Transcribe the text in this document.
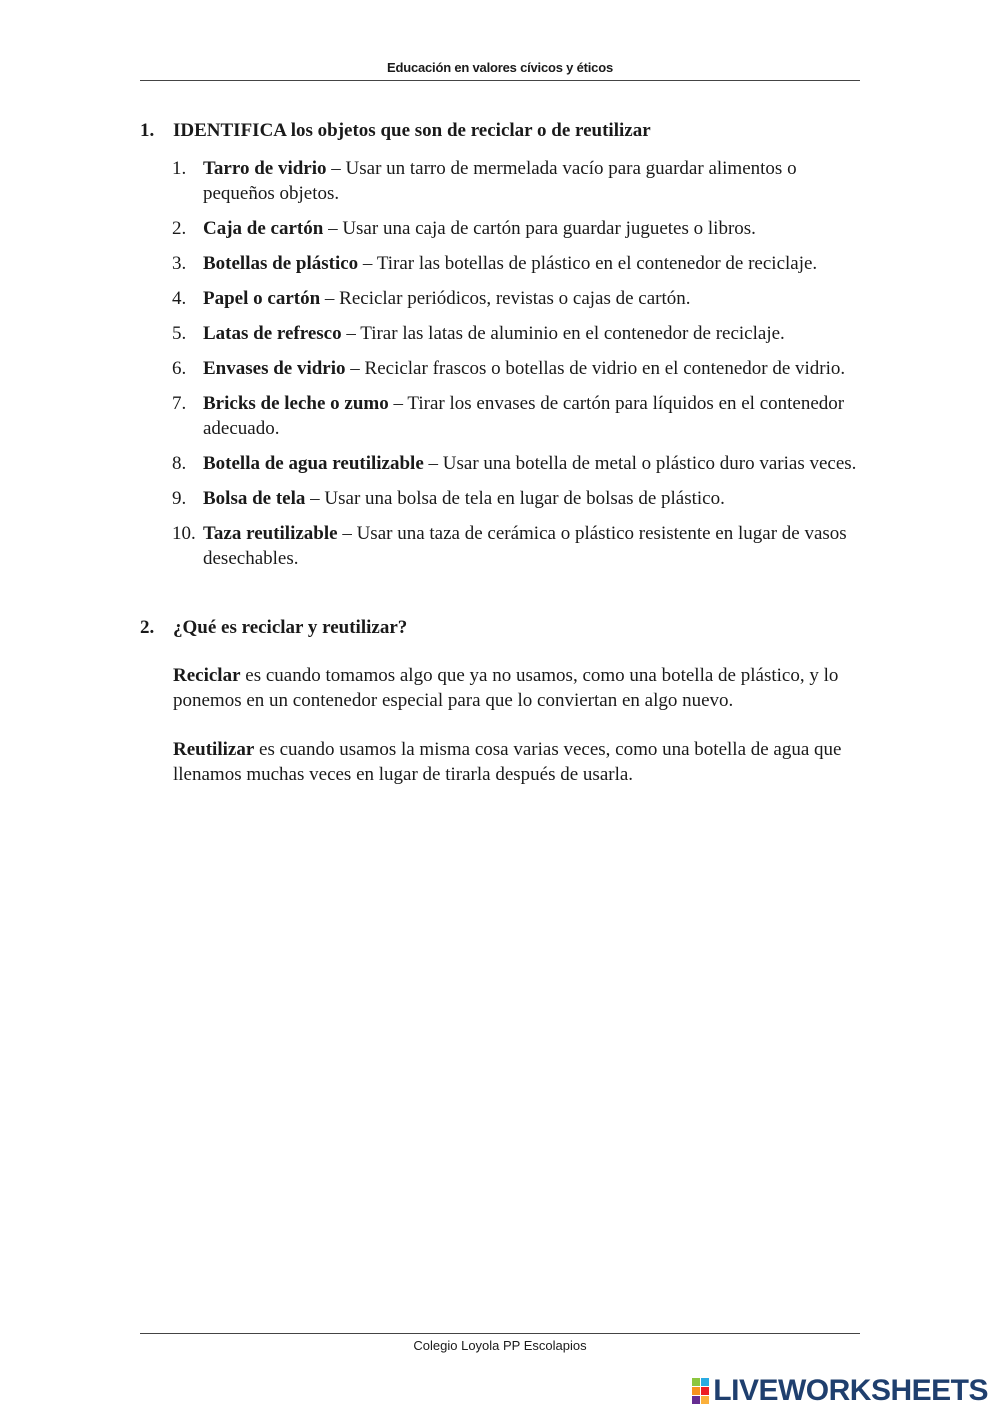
Educación en valores cívicos y éticos
1. IDENTIFICA los objetos que son de reciclar o de reutilizar
1. Tarro de vidrio – Usar un tarro de mermelada vacío para guardar alimentos o pequeños objetos.
2. Caja de cartón – Usar una caja de cartón para guardar juguetes o libros.
3. Botellas de plástico – Tirar las botellas de plástico en el contenedor de reciclaje.
4. Papel o cartón – Reciclar periódicos, revistas o cajas de cartón.
5. Latas de refresco – Tirar las latas de aluminio en el contenedor de reciclaje.
6. Envases de vidrio – Reciclar frascos o botellas de vidrio en el contenedor de vidrio.
7. Bricks de leche o zumo – Tirar los envases de cartón para líquidos en el contenedor adecuado.
8. Botella de agua reutilizable – Usar una botella de metal o plástico duro varias veces.
9. Bolsa de tela – Usar una bolsa de tela en lugar de bolsas de plástico.
10. Taza reutilizable – Usar una taza de cerámica o plástico resistente en lugar de vasos desechables.
2. ¿Qué es reciclar y reutilizar?

Reciclar es cuando tomamos algo que ya no usamos, como una botella de plástico, y lo ponemos en un contenedor especial para que lo conviertan en algo nuevo.

Reutilizar es cuando usamos la misma cosa varias veces, como una botella de agua que llenamos muchas veces en lugar de tirarla después de usarla.

Colegio Loyola PP Escolapios
LIVEWORKSHEETS
